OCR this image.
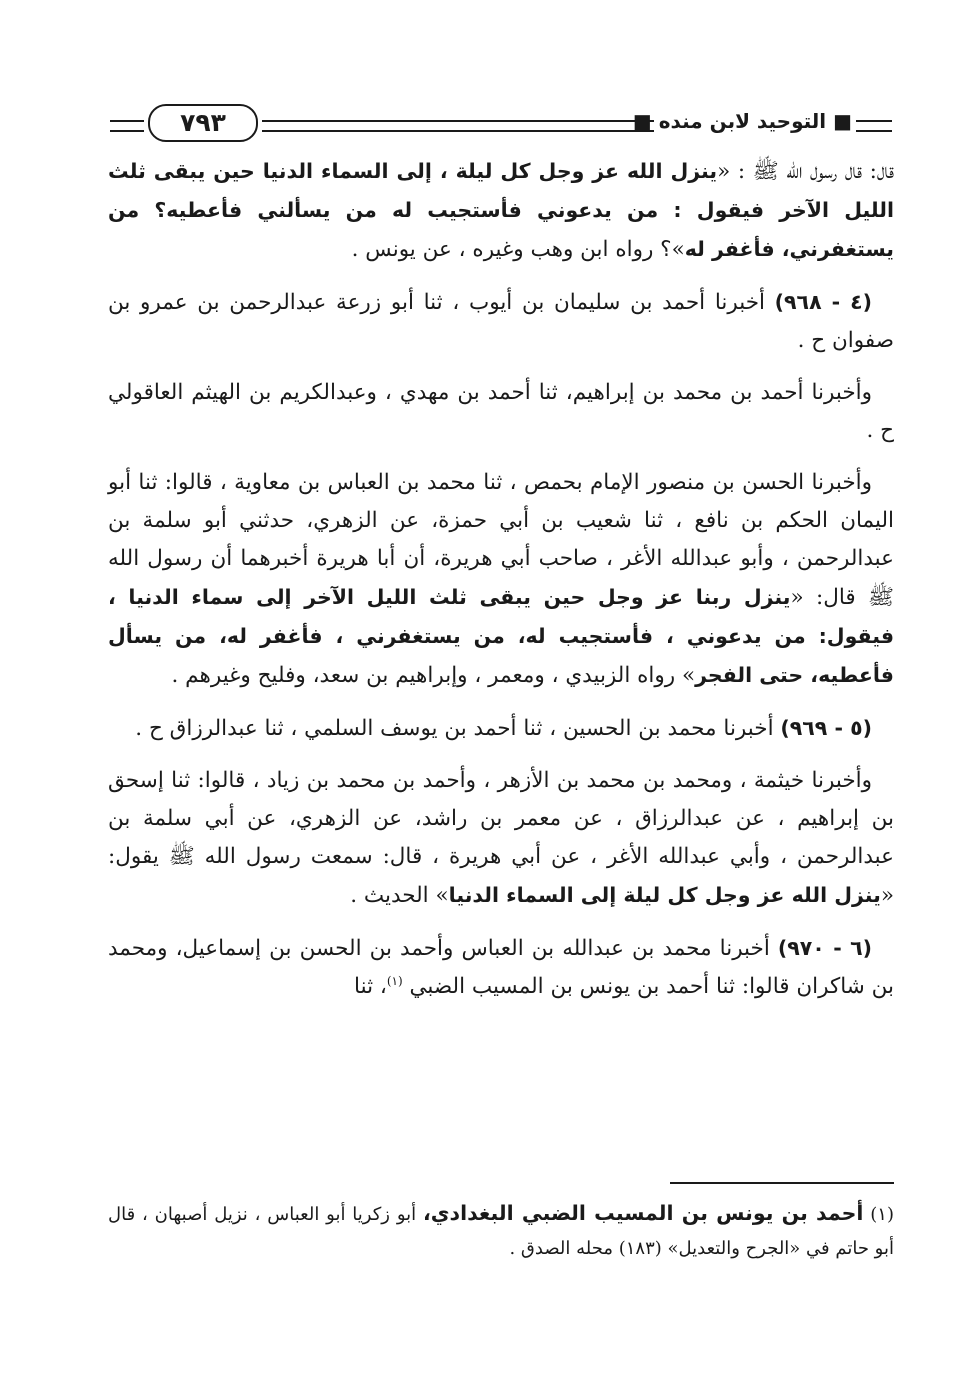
٧٩٣	■ التوحيد لابن منده ■

قال: قال رسول الله ﷺ : «ينزل الله عز وجل كل ليلة ، إلى السماء الدنيا حين يبقى ثلث الليل الآخر فيقول : من يدعوني فأستجيب له من يسألني فأعطيه؟ من يستغفرني، فأغفر له»؟ رواه ابن وهب وغيره ، عن يونس .

(٤ - ٩٦٨) أخبرنا أحمد بن سليمان بن أيوب ، ثنا أبو زرعة عبدالرحمن بن عمرو بن صفوان ح .

وأخبرنا أحمد بن محمد بن إبراهيم، ثنا أحمد بن مهدي ، وعبدالكريم بن الهيثم العاقولي ح .

وأخبرنا الحسن بن منصور الإمام بحمص ، ثنا محمد بن العباس بن معاوية ، قالوا: ثنا أبو اليمان الحكم بن نافع ، ثنا شعيب بن أبي حمزة، عن الزهري، حدثني أبو سلمة بن عبدالرحمن ، وأبو عبدالله الأغر ، صاحب أبي هريرة، أن أبا هريرة أخبرهما أن رسول الله ﷺ قال: «ينزل ربنا عز وجل حين يبقى ثلث الليل الآخر إلى سماء الدنيا ، فيقول: من يدعوني ، فأستجيب له، من يستغفرني ، فأغفر له، من يسأل فأعطيه، حتى الفجر» رواه الزبيدي ، ومعمر ، وإبراهيم بن سعد، وفليح وغيرهم .

(٥ - ٩٦٩) أخبرنا محمد بن الحسين ، ثنا أحمد بن يوسف السلمي ، ثنا عبدالرزاق ح .

وأخبرنا خيثمة ، ومحمد بن محمد بن الأزهر ، وأحمد بن محمد بن زياد ، قالوا: ثنا إسحق بن إبراهيم ، عن عبدالرزاق ، عن معمر بن راشد، عن الزهري، عن أبي سلمة بن عبدالرحمن ، وأبي عبدالله الأغر ، عن أبي هريرة ، قال: سمعت رسول الله ﷺ يقول: «ينزل الله عز وجل كل ليلة إلى السماء الدنيا» الحديث .

(٦ - ٩٧٠) أخبرنا محمد بن عبدالله بن العباس وأحمد بن الحسن بن إسماعيل، ومحمد بن شاكران قالوا: ثنا أحمد بن يونس بن المسيب الضبي $^{(١)}$، ثنا

(١) أحمد بن يونس بن المسيب الضبي البغدادي، أبو زكريا أبو العباس ، نزيل أصبهان ، قال أبو حاتم في «الجرح والتعديل» (١٨٣) محله الصدق .
